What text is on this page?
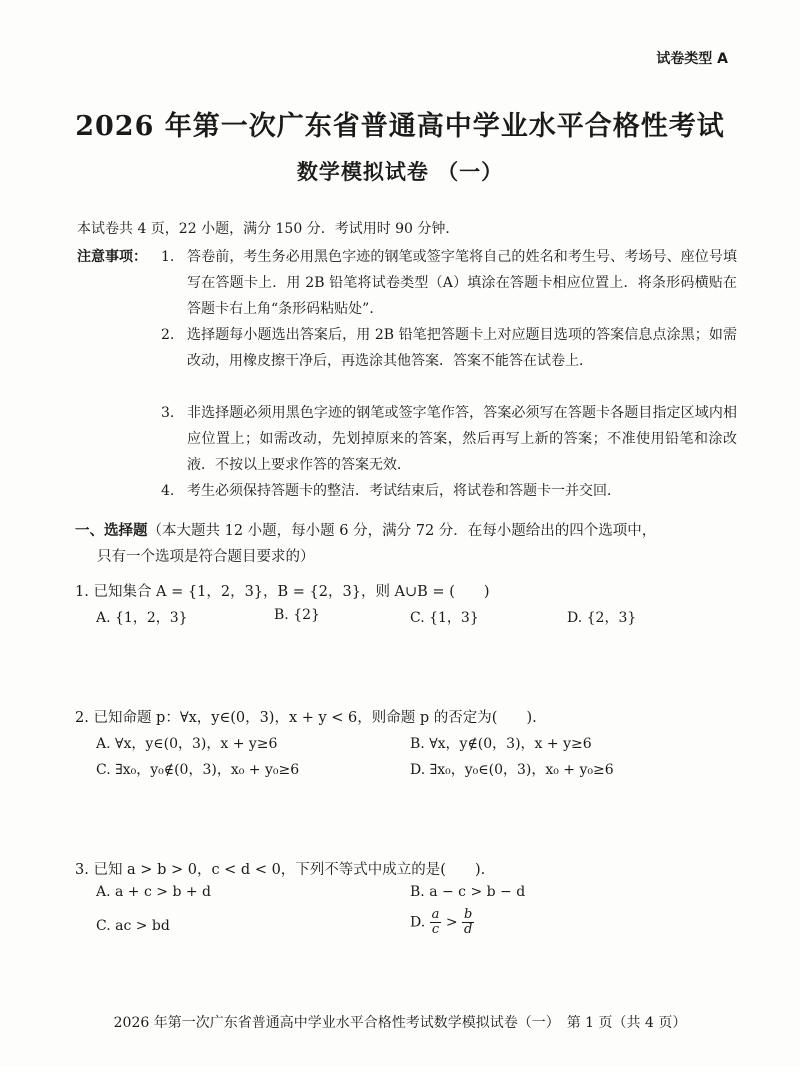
试卷类型 A
2026 年第一次广东省普通高中学业水平合格性考试
数学模拟试卷 （一）
本试卷共 4 页，22 小题，满分 150 分．考试用时 90 分钟．
注意事项： 1. 答卷前，考生务必用黑色字迹的钢笔或签字笔将自己的姓名和考生号、考场号、座位号填写在答题卡上．用 2B 铅笔将试卷类型（A）填涂在答题卡相应位置上．将条形码横贴在答题卡右上角“条形码粘贴处”．
2. 选择题每小题选出答案后，用 2B 铅笔把答题卡上对应题目选项的答案信息点涂黑；如需改动，用橡皮擦干净后，再选涂其他答案．答案不能答在试卷上．
3. 非选择题必须用黑色字迹的钢笔或签字笔作答，答案必须写在答题卡各题目指定区域内相应位置上；如需改动，先划掉原来的答案，然后再写上新的答案；不准使用铅笔和涂改液．不按以上要求作答的答案无效．
4. 考生必须保持答题卡的整洁．考试结束后，将试卷和答题卡一并交回．
一、选择题（本大题共 12 小题，每小题 6 分，满分 72 分．在每小题给出的四个选项中，
只有一个选项是符合题目要求的）
1. 已知集合 A = {1，2，3}，B = {2，3}，则 A∪B = (　　)
A. {1，2，3}	B. {2}	C. {1，3}	D. {2，3}
2. 已知命题 p：∀x，y∈(0，3)，x + y < 6，则命题 p 的否定为(　　).
A. ∀x，y∈(0，3)，x + y≥6	B. ∀x，y∉(0，3)，x + y≥6
C. ∃x₀，y₀∉(0，3)，x₀ + y₀≥6	D. ∃x₀，y₀∈(0，3)，x₀ + y₀≥6
3. 已知 a > b > 0，c < d < 0，下列不等式中成立的是(　　).
A. a + c > b + d	B. a − c > b − d
C. ac > bd	D. $\frac{a}{c} > \frac{b}{d}$
2026 年第一次广东省普通高中学业水平合格性考试数学模拟试卷（一）　第 1 页（共 4 页）
